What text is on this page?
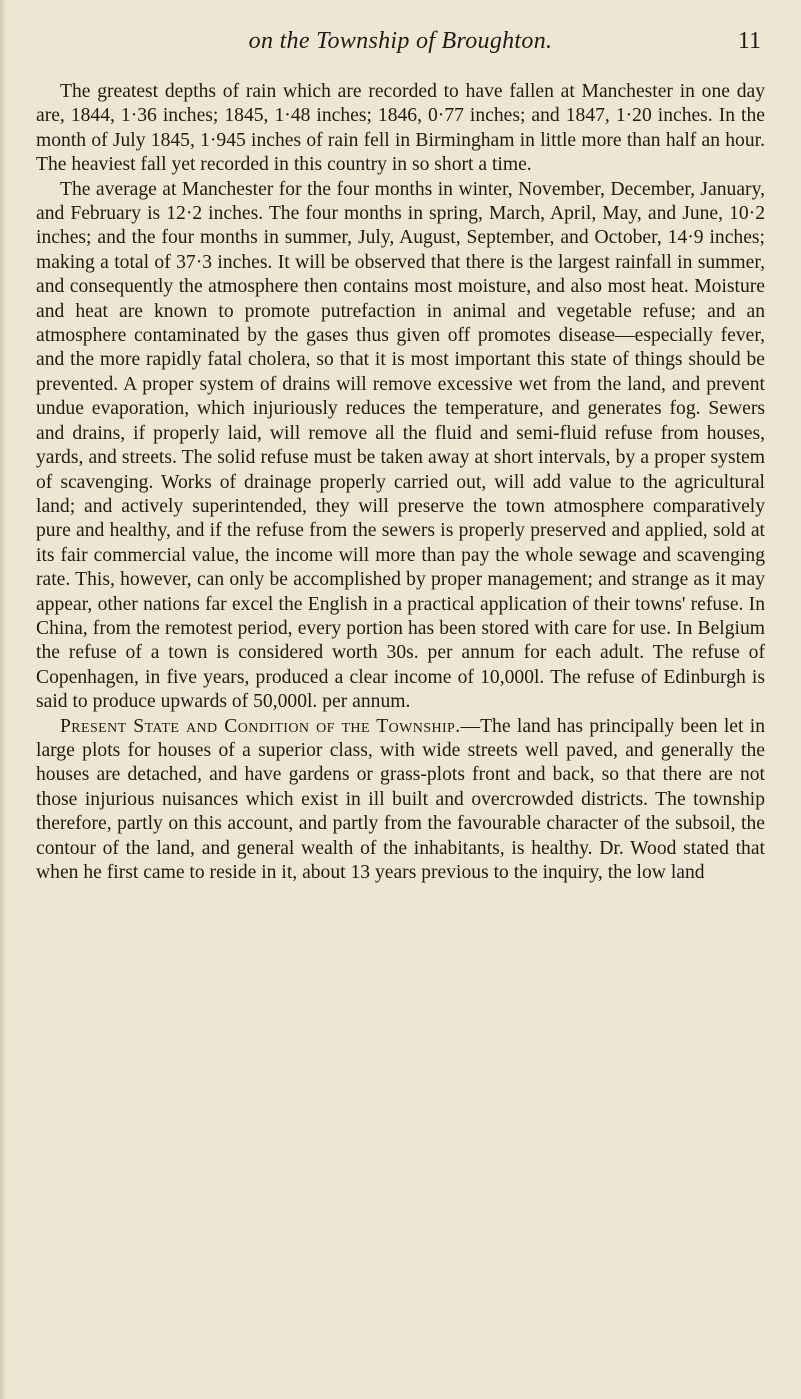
on the Township of Broughton.	11

The greatest depths of rain which are recorded to have fallen at Manchester in one day are, 1844, 1·36 inches; 1845, 1·48 inches; 1846, 0·77 inches; and 1847, 1·20 inches. In the month of July 1845, 1·945 inches of rain fell in Birmingham in little more than half an hour. The heaviest fall yet recorded in this country in so short a time.

The average at Manchester for the four months in winter, November, December, January, and February is 12·2 inches. The four months in spring, March, April, May, and June, 10·2 inches; and the four months in summer, July, August, September, and October, 14·9 inches; making a total of 37·3 inches. It will be observed that there is the largest rainfall in summer, and consequently the atmosphere then contains most moisture, and also most heat. Moisture and heat are known to promote putrefaction in animal and vegetable refuse; and an atmosphere contaminated by the gases thus given off promotes disease—especially fever, and the more rapidly fatal cholera, so that it is most important this state of things should be prevented. A proper system of drains will remove excessive wet from the land, and prevent undue evaporation, which injuriously reduces the temperature, and generates fog. Sewers and drains, if properly laid, will remove all the fluid and semi-fluid refuse from houses, yards, and streets. The solid refuse must be taken away at short intervals, by a proper system of scavenging. Works of drainage properly carried out, will add value to the agricultural land; and actively superintended, they will preserve the town atmosphere comparatively pure and healthy, and if the refuse from the sewers is properly preserved and applied, sold at its fair commercial value, the income will more than pay the whole sewage and scavenging rate. This, however, can only be accomplished by proper management; and strange as it may appear, other nations far excel the English in a practical application of their towns' refuse. In China, from the remotest period, every portion has been stored with care for use. In Belgium the refuse of a town is considered worth 30s. per annum for each adult. The refuse of Copenhagen, in five years, produced a clear income of 10,000l. The refuse of Edinburgh is said to produce upwards of 50,000l. per annum.

Present State and Condition of the Township.—The land has principally been let in large plots for houses of a superior class, with wide streets well paved, and generally the houses are detached, and have gardens or grass-plots front and back, so that there are not those injurious nuisances which exist in ill built and overcrowded districts. The township therefore, partly on this account, and partly from the favourable character of the subsoil, the contour of the land, and general wealth of the inhabitants, is healthy. Dr. Wood stated that when he first came to reside in it, about 13 years previous to the inquiry, the low land
